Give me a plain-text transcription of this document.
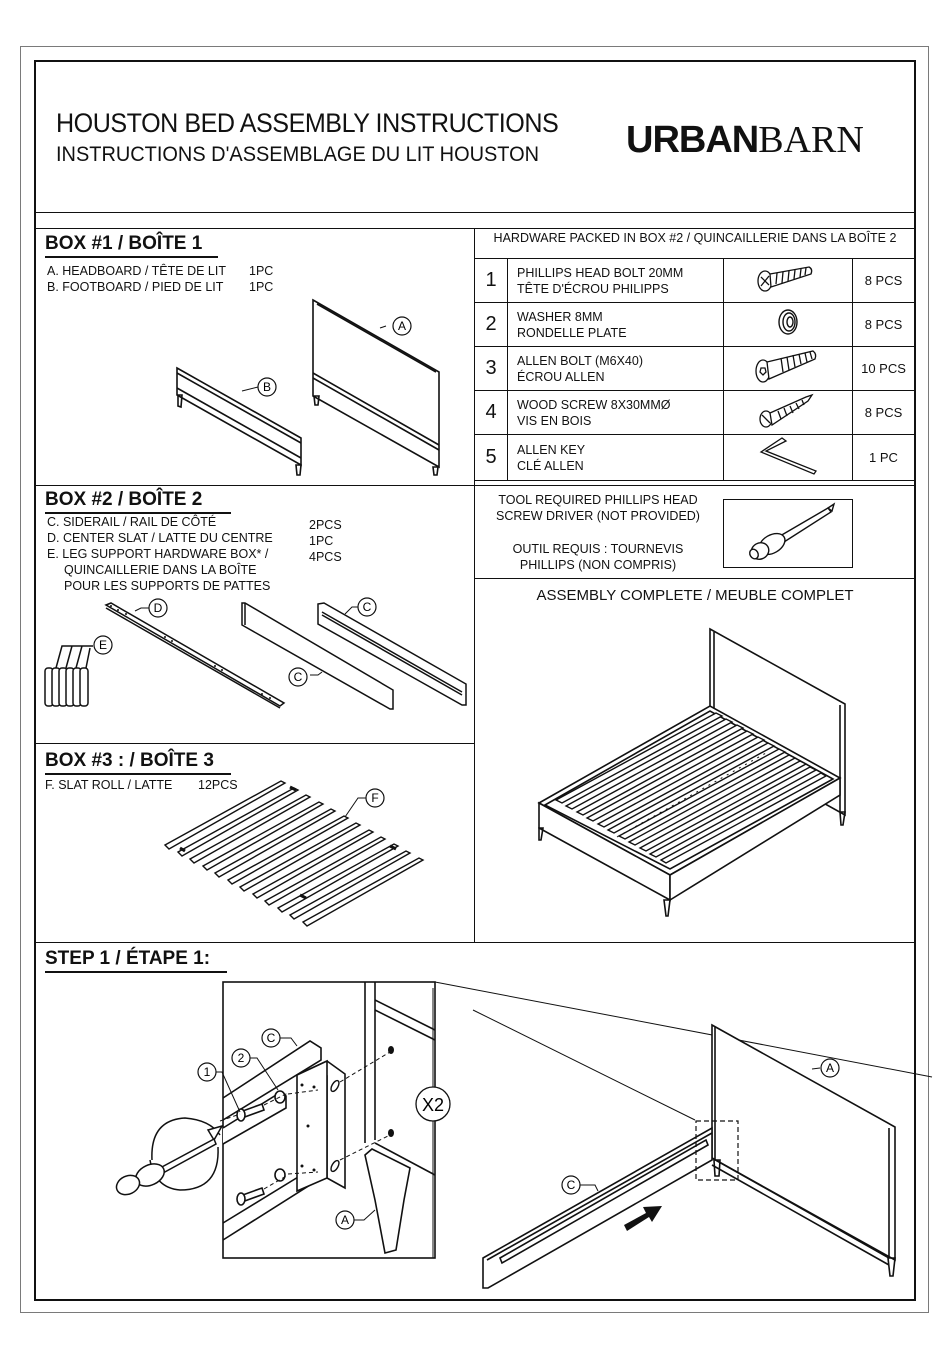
HOUSTON BED ASSEMBLY INSTRUCTIONS
INSTRUCTIONS D'ASSEMBLAGE DU LIT HOUSTON URBANBARN
BOX #1 / BOÎTE 1
A. HEADBOARD / TÊTE DE LIT 1PC
B. FOOTBOARD / PIED DE LIT 1PC
A
B
HARDWARE PACKED IN BOX #2 / QUINCAILLERIE DANS LA BOÎTE 2
1	PHILLIPS HEAD BOLT 20MM
TÊTE D'ÉCROU PHILIPPS		8 PCS
2	WASHER 8MM
RONDELLE PLATE		8 PCS
3	ALLEN BOLT (M6X40)
ÉCROU ALLEN		10 PCS
4	WOOD SCREW 8X30MMØ
VIS EN BOIS		8 PCS
5	ALLEN KEY
CLÉ ALLEN		1 PC
BOX #2 / BOÎTE 2
C. SIDERAIL / RAIL DE CÔTÉ	2PCS
D. CENTER SLAT / LATTE DU CENTRE	1PC
E. LEG SUPPORT HARDWARE BOX* /	4PCS
QUINCAILLERIE DANS LA BOÎTE
POUR LES SUPPORTS DE PATTES
D
E
C
C
TOOL REQUIRED PHILLIPS HEAD
SCREW DRIVER (NOT PROVIDED)
OUTIL REQUIS : TOURNEVIS
PHILLIPS (NON COMPRIS)
ASSEMBLY COMPLETE / MEUBLE COMPLET
BOX #3 : / BOÎTE 3
F. SLAT ROLL / LATTE 12PCS
F
STEP 1 / ÉTAPE 1:
1
2
C
A
X2
A
C
